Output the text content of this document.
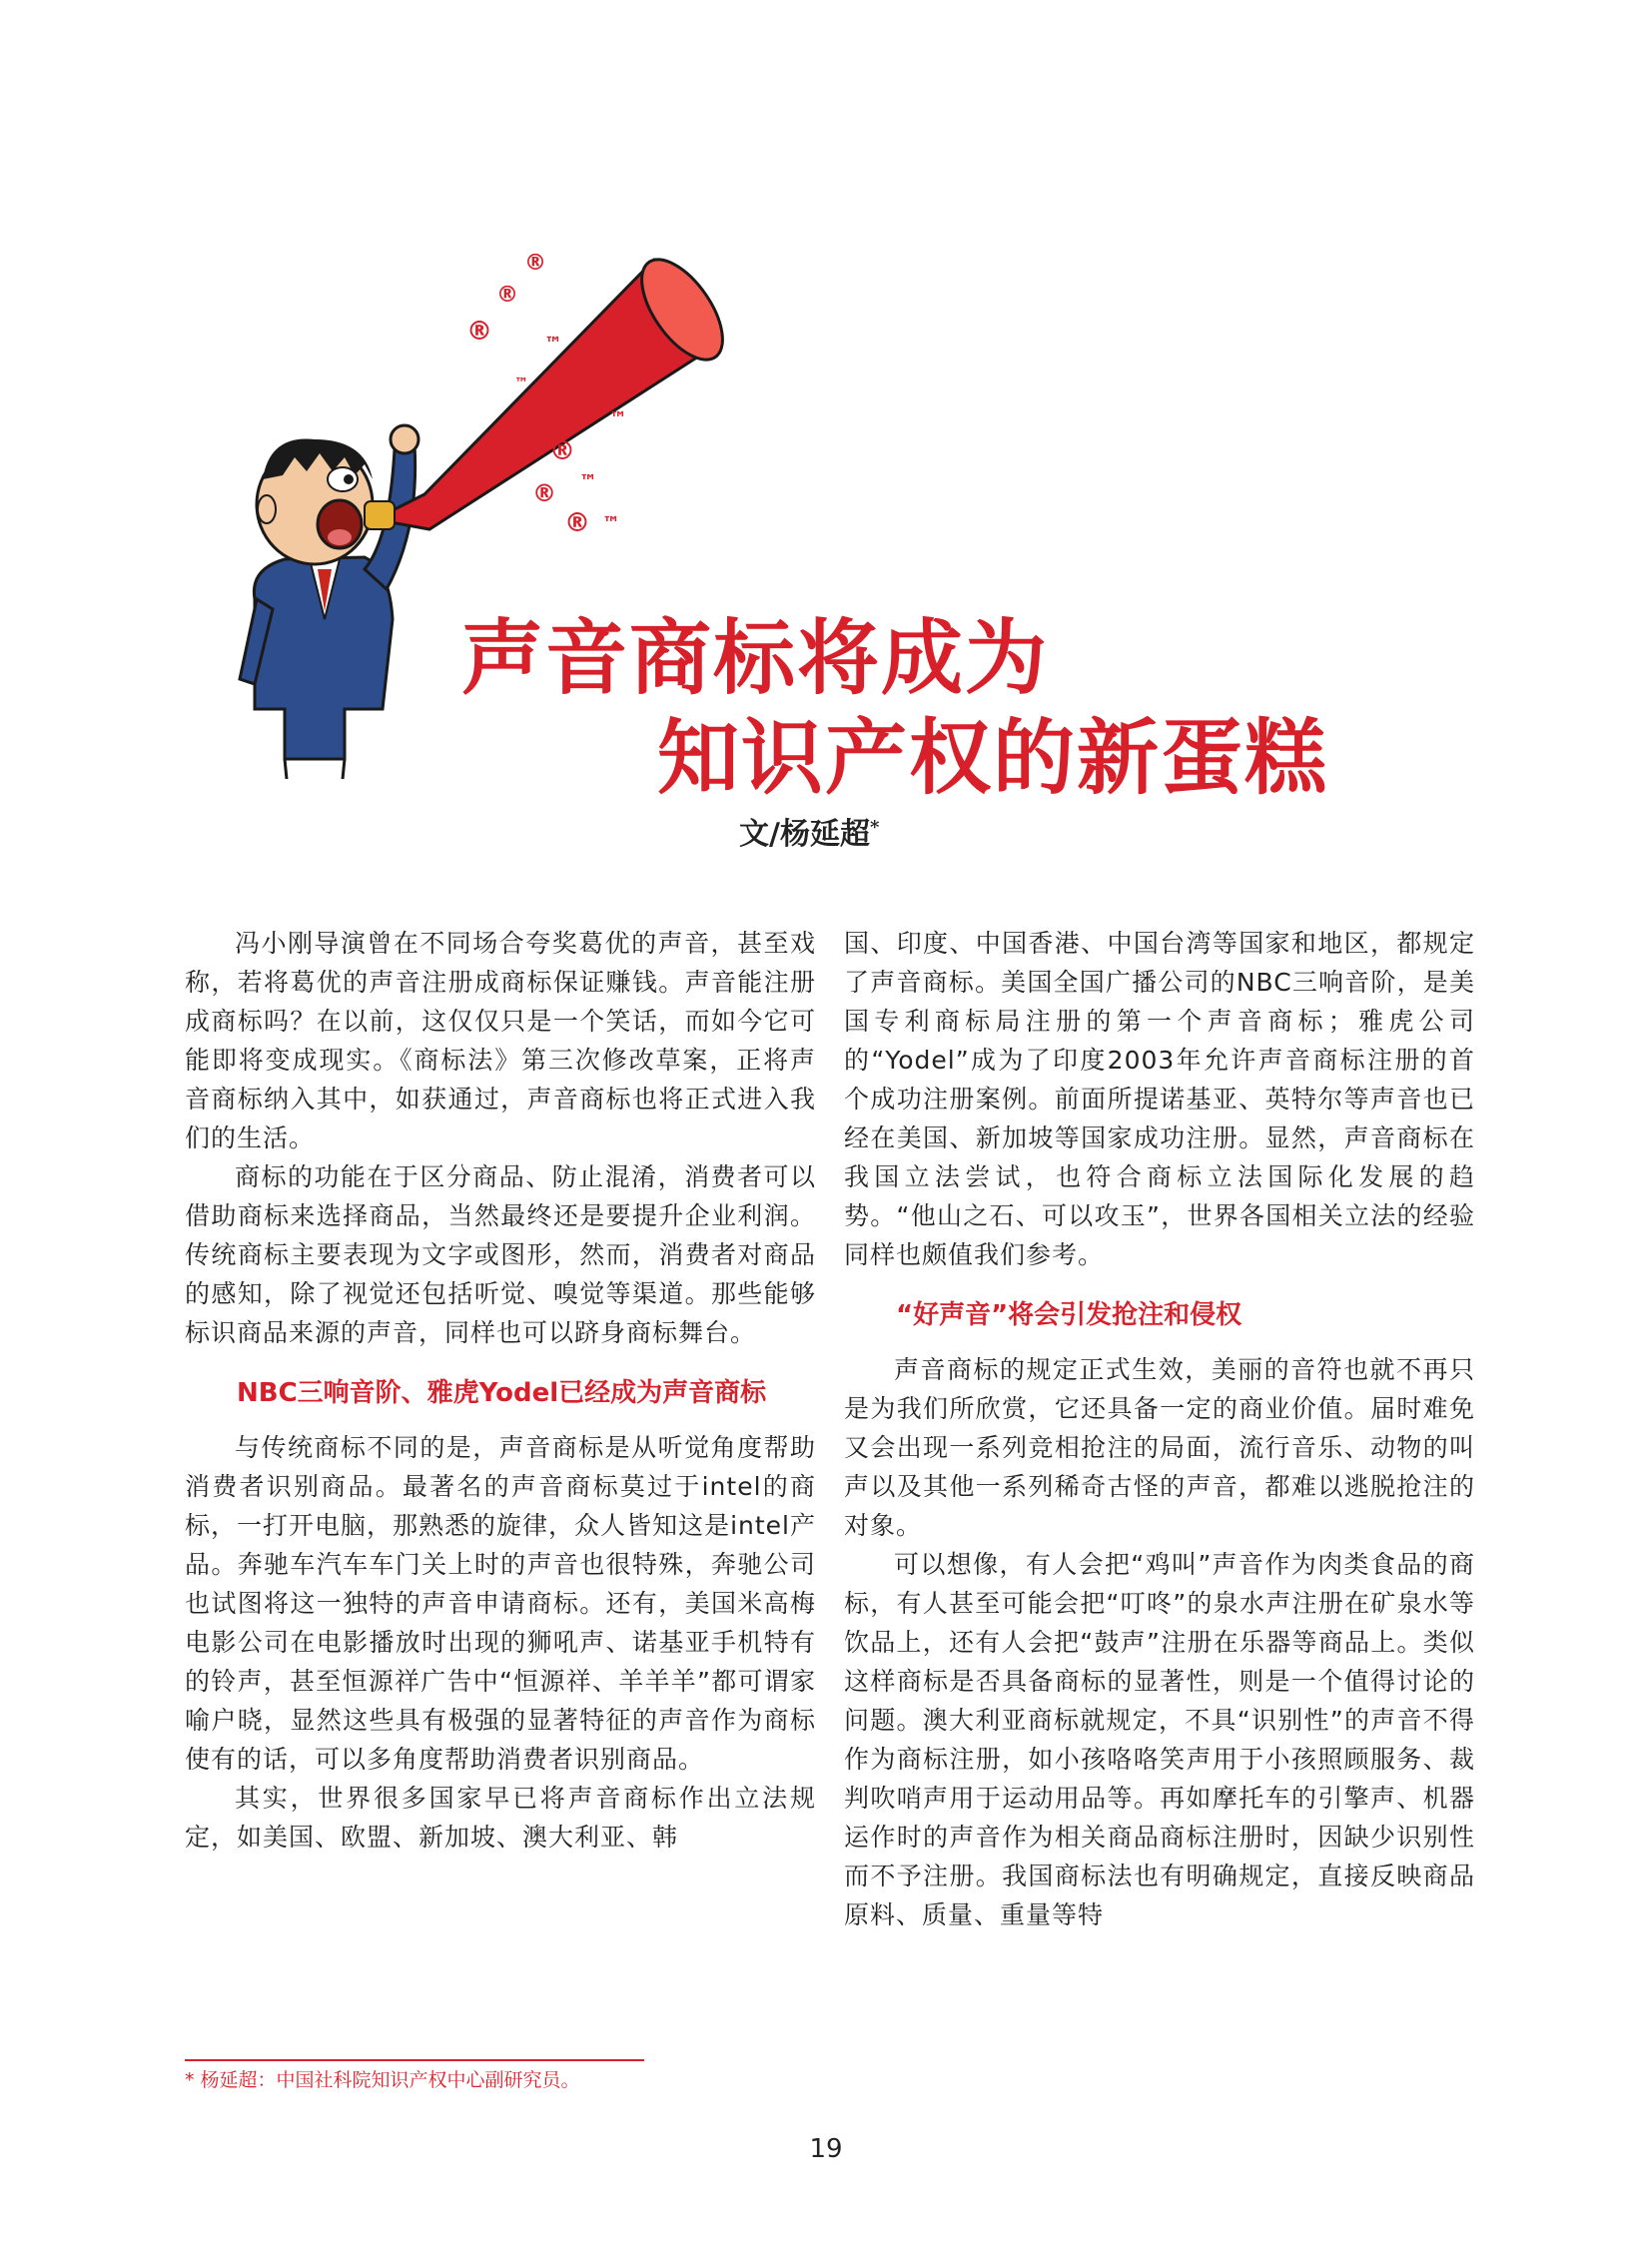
®
®
®	™
™ ® ®
™ ™
™
®
™
®
® ™
声音商标将成为
知识产权的新蛋糕
文/杨延超*

冯小刚导演曾在不同场合夸奖葛优的声音，甚至戏称，若将葛优的声音注册成商标保证赚钱。声音能注册成商标吗？在以前，这仅仅只是一个笑话，而如今它可能即将变成现实。《商标法》第三次修改草案，正将声音商标纳入其中，如获通过，声音商标也将正式进入我们的生活。

商标的功能在于区分商品、防止混淆，消费者可以借助商标来选择商品，当然最终还是要提升企业利润。传统商标主要表现为文字或图形，然而，消费者对商品的感知，除了视觉还包括听觉、嗅觉等渠道。那些能够标识商品来源的声音，同样也可以跻身商标舞台。

NBC三响音阶、雅虎Yodel已经成为声音商标

与传统商标不同的是，声音商标是从听觉角度帮助消费者识别商品。最著名的声音商标莫过于intel的商标，一打开电脑，那熟悉的旋律，众人皆知这是intel产品。奔驰车汽车车门关上时的声音也很特殊，奔驰公司也试图将这一独特的声音申请商标。还有，美国米高梅电影公司在电影播放时出现的狮吼声、诺基亚手机特有的铃声，甚至恒源祥广告中“恒源祥、羊羊羊”都可谓家喻户晓，显然这些具有极强的显著特征的声音作为商标使有的话，可以多角度帮助消费者识别商品。

其实，世界很多国家早已将声音商标作出立法规定，如美国、欧盟、新加坡、澳大利亚、韩

国、印度、中国香港、中国台湾等国家和地区，都规定了声音商标。美国全国广播公司的NBC三响音阶，是美国专利商标局注册的第一个声音商标；雅虎公司的“Yodel”成为了印度2003年允许声音商标注册的首个成功注册案例。前面所提诺基亚、英特尔等声音也已经在美国、新加坡等国家成功注册。显然，声音商标在我国立法尝试，也符合商标立法国际化发展的趋势。“他山之石、可以攻玉”，世界各国相关立法的经验同样也颇值我们参考。

“好声音”将会引发抢注和侵权

声音商标的规定正式生效，美丽的音符也就不再只是为我们所欣赏，它还具备一定的商业价值。届时难免又会出现一系列竞相抢注的局面，流行音乐、动物的叫声以及其他一系列稀奇古怪的声音，都难以逃脱抢注的对象。

可以想像，有人会把“鸡叫”声音作为肉类食品的商标，有人甚至可能会把“叮咚”的泉水声注册在矿泉水等饮品上，还有人会把“鼓声”注册在乐器等商品上。类似这样商标是否具备商标的显著性，则是一个值得讨论的问题。澳大利亚商标就规定，不具“识别性”的声音不得作为商标注册，如小孩咯咯笑声用于小孩照顾服务、裁判吹哨声用于运动用品等。再如摩托车的引擎声、机器运作时的声音作为相关商品商标注册时，因缺少识别性而不予注册。我国商标法也有明确规定，直接反映商品原料、质量、重量等特

* 杨延超：中国社科院知识产权中心副研究员。
19
